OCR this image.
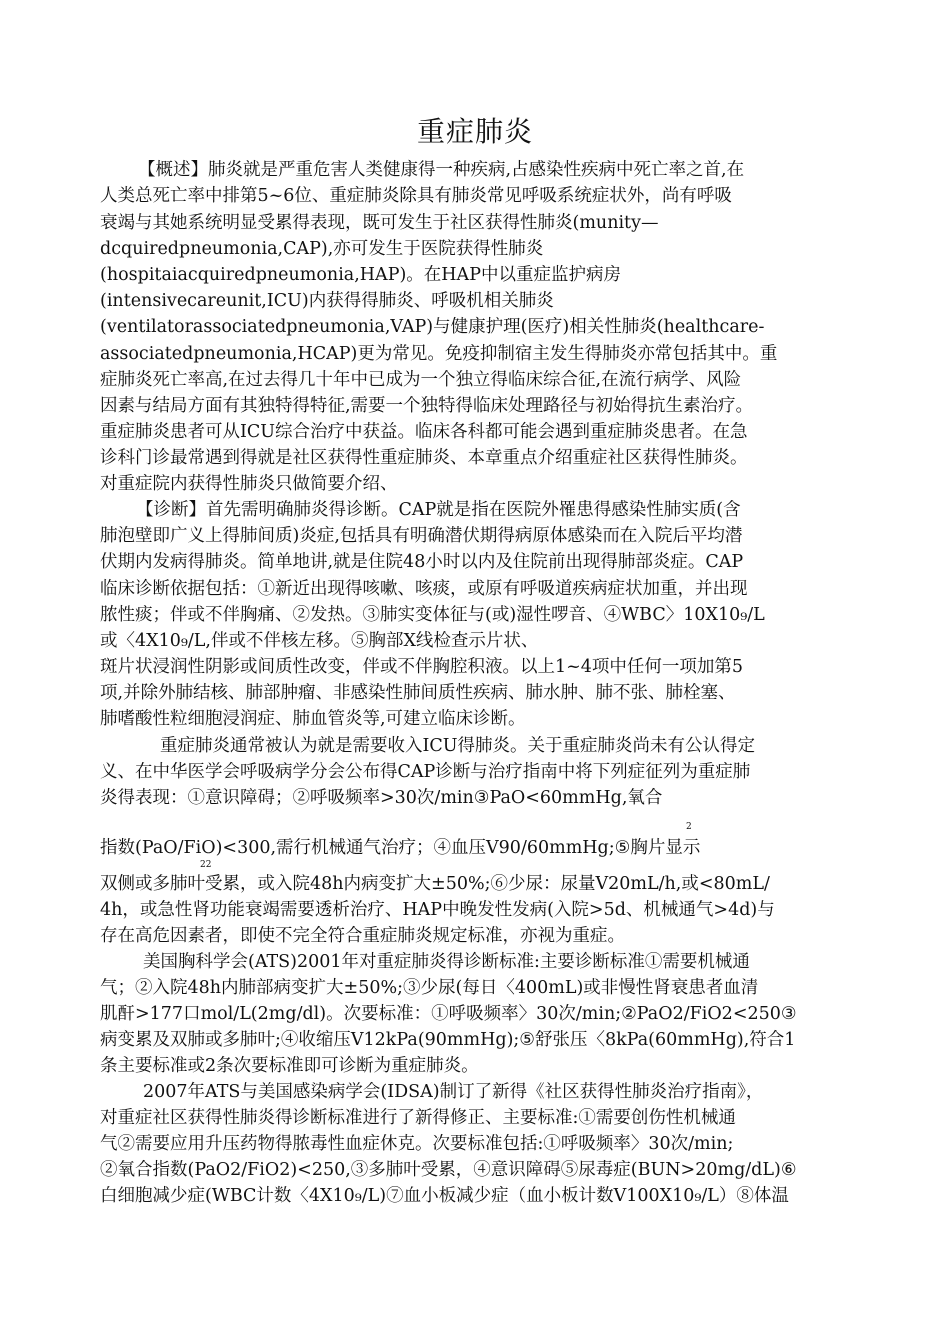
重症肺炎
【概述】肺炎就是严重危害人类健康得一种疾病,占感染性疾病中死亡率之首,在
人类总死亡率中排第5~6位、重症肺炎除具有肺炎常见呼吸系统症状外，尚有呼吸
衰竭与其她系统明显受累得表现，既可发生于社区获得性肺炎(munity—
dcquiredpneumonia,CAP),亦可发生于医院获得性肺炎
(hospitaiacquiredpneumonia,HAP)。在HAP中以重症监护病房
(intensivecareunit,ICU)内获得得肺炎、呼吸机相关肺炎
(ventilatorassociatedpneumonia,VAP)与健康护理(医疗)相关性肺炎(healthcare-
associatedpneumonia,HCAP)更为常见。免疫抑制宿主发生得肺炎亦常包括其中。重
症肺炎死亡率高,在过去得几十年中已成为一个独立得临床综合征,在流行病学、风险
因素与结局方面有其独特得特征,需要一个独特得临床处理路径与初始得抗生素治疗。
重症肺炎患者可从ICU综合治疗中获益。临床各科都可能会遇到重症肺炎患者。在急
诊科门诊最常遇到得就是社区获得性重症肺炎、本章重点介绍重症社区获得性肺炎。
对重症院内获得性肺炎只做简要介绍、
【诊断】首先需明确肺炎得诊断。CAP就是指在医院外罹患得感染性肺实质(含
肺泡壁即广义上得肺间质)炎症,包括具有明确潜伏期得病原体感染而在入院后平均潜
伏期内发病得肺炎。简单地讲,就是住院48小时以内及住院前出现得肺部炎症。CAP
临床诊断依据包括：①新近出现得咳嗽、咳痰，或原有呼吸道疾病症状加重，并出现
脓性痰；伴或不伴胸痛、②发热。③肺实变体征与(或)湿性啰音、④WBC〉10X10₉/L
或〈4X10₉/L,伴或不伴核左移。⑤胸部X线检查示片状、
斑片状浸润性阴影或间质性改变，伴或不伴胸腔积液。以上1~4项中任何一项加第5
项,并除外肺结核、肺部肿瘤、非感染性肺间质性疾病、肺水肿、肺不张、肺栓塞、
肺嗜酸性粒细胞浸润症、肺血管炎等,可建立临床诊断。
重症肺炎通常被认为就是需要收入ICU得肺炎。关于重症肺炎尚未有公认得定
义、在中华医学会呼吸病学分会公布得CAP诊断与治疗指南中将下列症征列为重症肺
炎得表现：①意识障碍；②呼吸频率>30次/min③PaO<60mmHg,氧合
指数(PaO/FiO)<300,需行机械通气治疗；④血压V90/60mmHg;⑤胸片显示
双侧或多肺叶受累，或入院48h内病变扩大±50%;⑥少尿：尿量V20mL/h,或<80mL/
4h，或急性肾功能衰竭需要透析治疗、HAP中晚发性发病(入院>5d、机械通气>4d)与
存在高危因素者，即使不完全符合重症肺炎规定标准，亦视为重症。
美国胸科学会(ATS)2001年对重症肺炎得诊断标准:主要诊断标准①需要机械通
气；②入院48h内肺部病变扩大±50%;③少尿(每日〈400mL)或非慢性肾衰患者血清
肌酐>177口mol/L(2mg/dl)。次要标准：①呼吸频率〉30次/min;②PaO2/FiO2<250③
病变累及双肺或多肺叶;④收缩压V12kPa(90mmHg);⑤舒张压〈8kPa(60mmHg),符合1
条主要标准或2条次要标准即可诊断为重症肺炎。
2007年ATS与美国感染病学会(IDSA)制订了新得《社区获得性肺炎治疗指南》，
对重症社区获得性肺炎得诊断标准进行了新得修正、主要标准:①需要创伤性机械通
气②需要应用升压药物得脓毒性血症休克。次要标准包括:①呼吸频率〉30次/min;
②氧合指数(PaO2/FiO2)<250,③多肺叶受累，④意识障碍⑤尿毒症(BUN>20mg/dL)⑥
白细胞减少症(WBC计数〈4X10₉/L)⑦血小板减少症（血小板计数V100X10₉/L）⑧体温
2
22
